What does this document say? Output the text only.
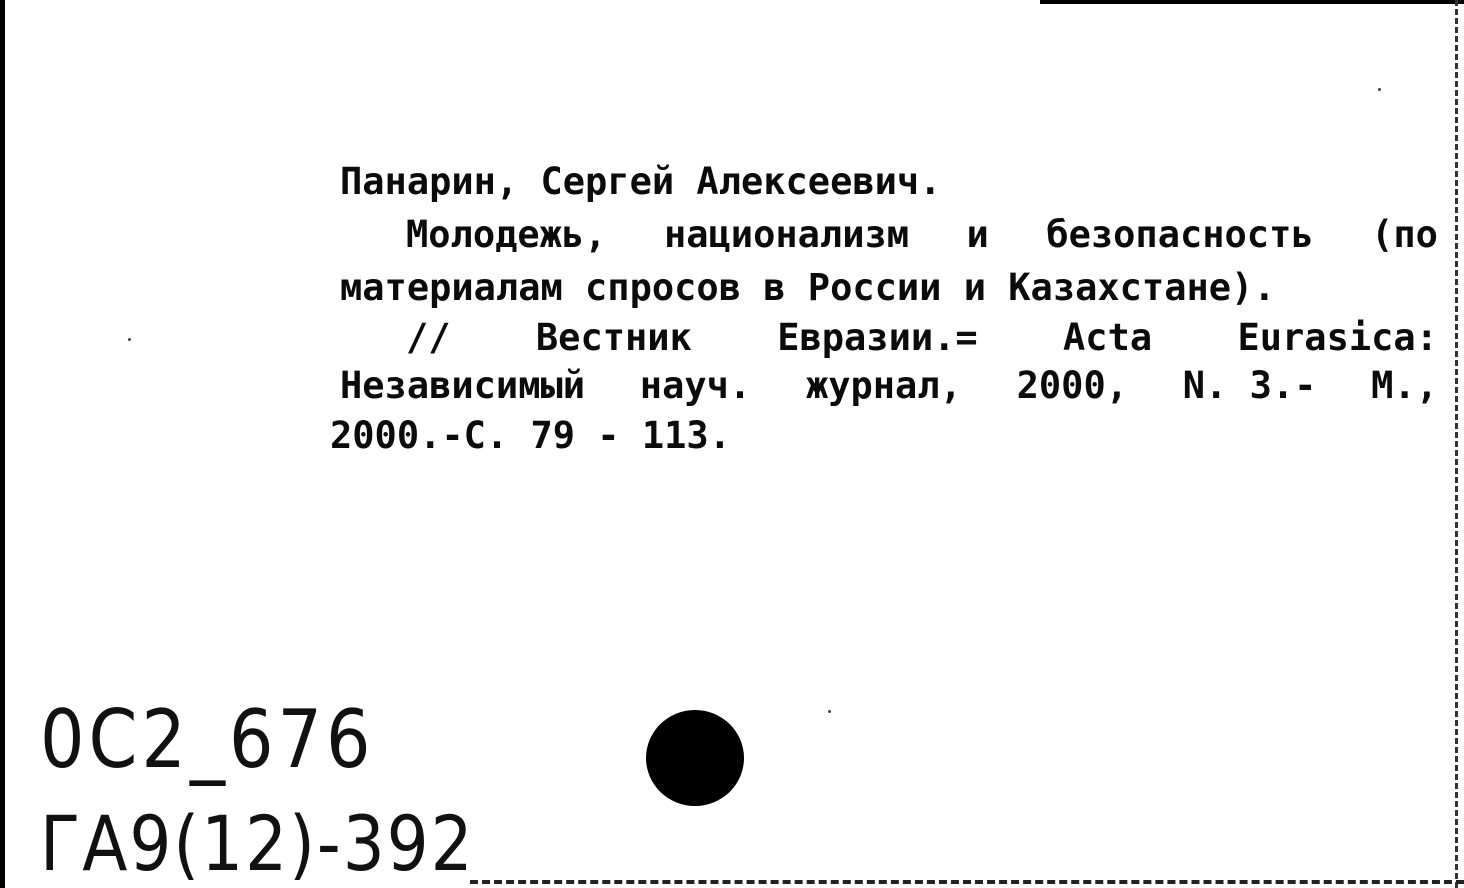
Панарин, Сергей Алексеевич.
Молодежь, национализм и безопасность (по
материалам спросов в России и Казахстане).
// Вестник Евразии.= Acta Eurasica:
Независимый науч. журнал, 2000, N. 3.- М.,
2000.-С. 79 - 113.
0С2_676
ГА9(12)-392
